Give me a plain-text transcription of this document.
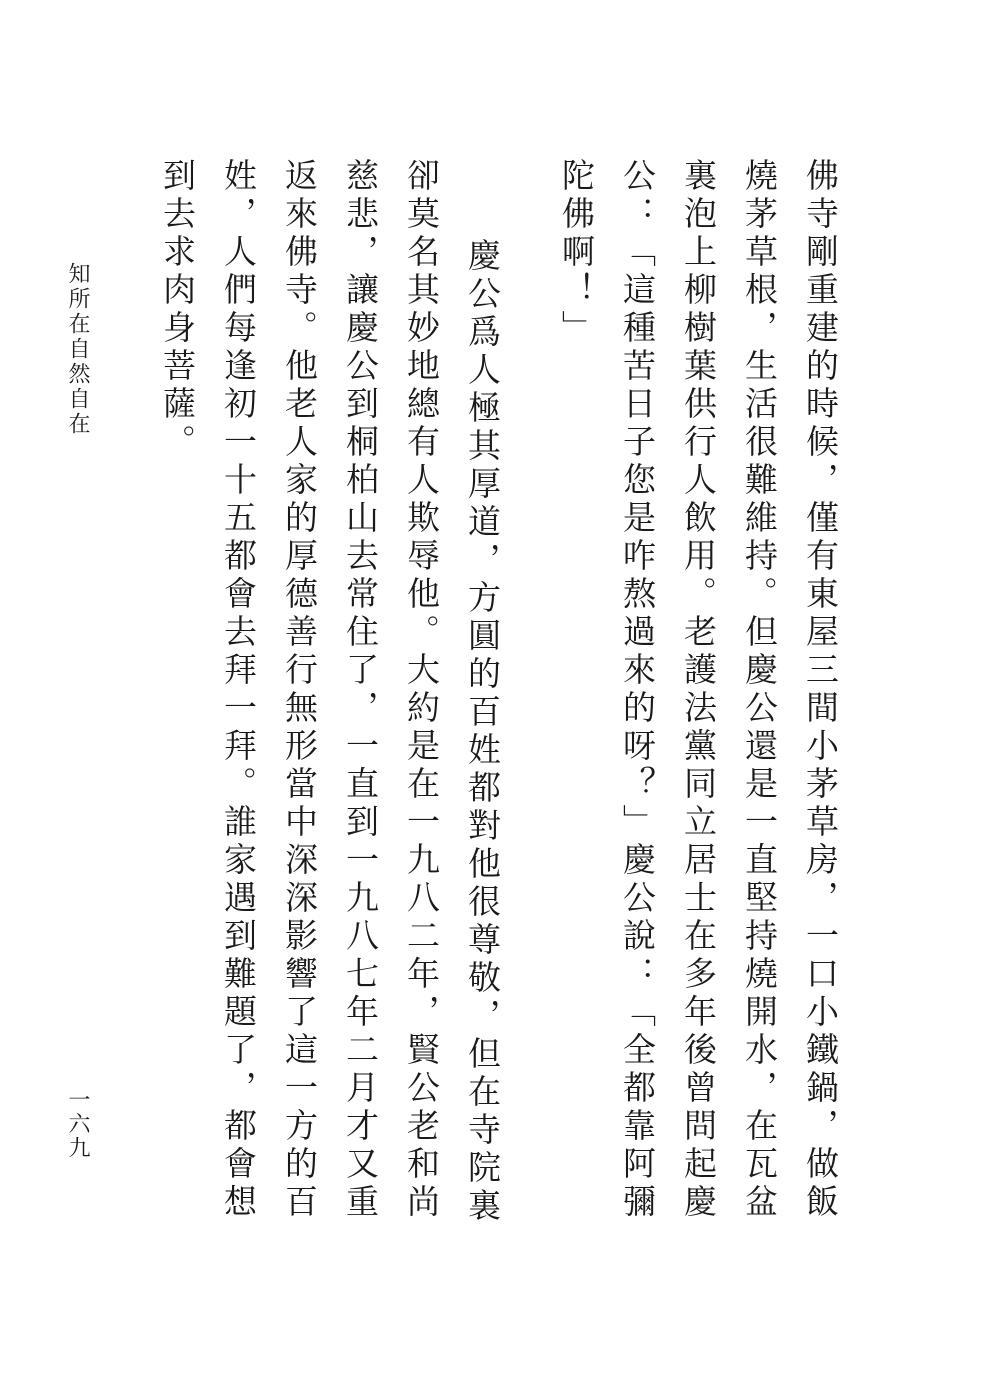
佛寺剛重建的時候，僅有東屋三間小茅草房，一口小鐵鍋，做飯
燒茅草根，生活很難維持。但慶公還是一直堅持燒開水，在瓦盆
裏泡上柳樹葉供行人飲用。老護法黨同立居士在多年後曾問起慶
公：「這種苦日子您是咋熬過來的呀？」慶公說：「全都靠阿彌
陀佛啊！」
慶公爲人極其厚道，方圓的百姓都對他很尊敬，但在寺院裏
卻莫名其妙地總有人欺辱他。大約是在一九八二年，賢公老和尚
慈悲，讓慶公到桐柏山去常住了，一直到一九八七年二月才又重
返來佛寺。他老人家的厚德善行無形當中深深影響了這一方的百
姓，人們每逢初一十五都會去拜一拜。誰家遇到難題了，都會想
到去求肉身菩薩。
知所在自然自在
一六九
